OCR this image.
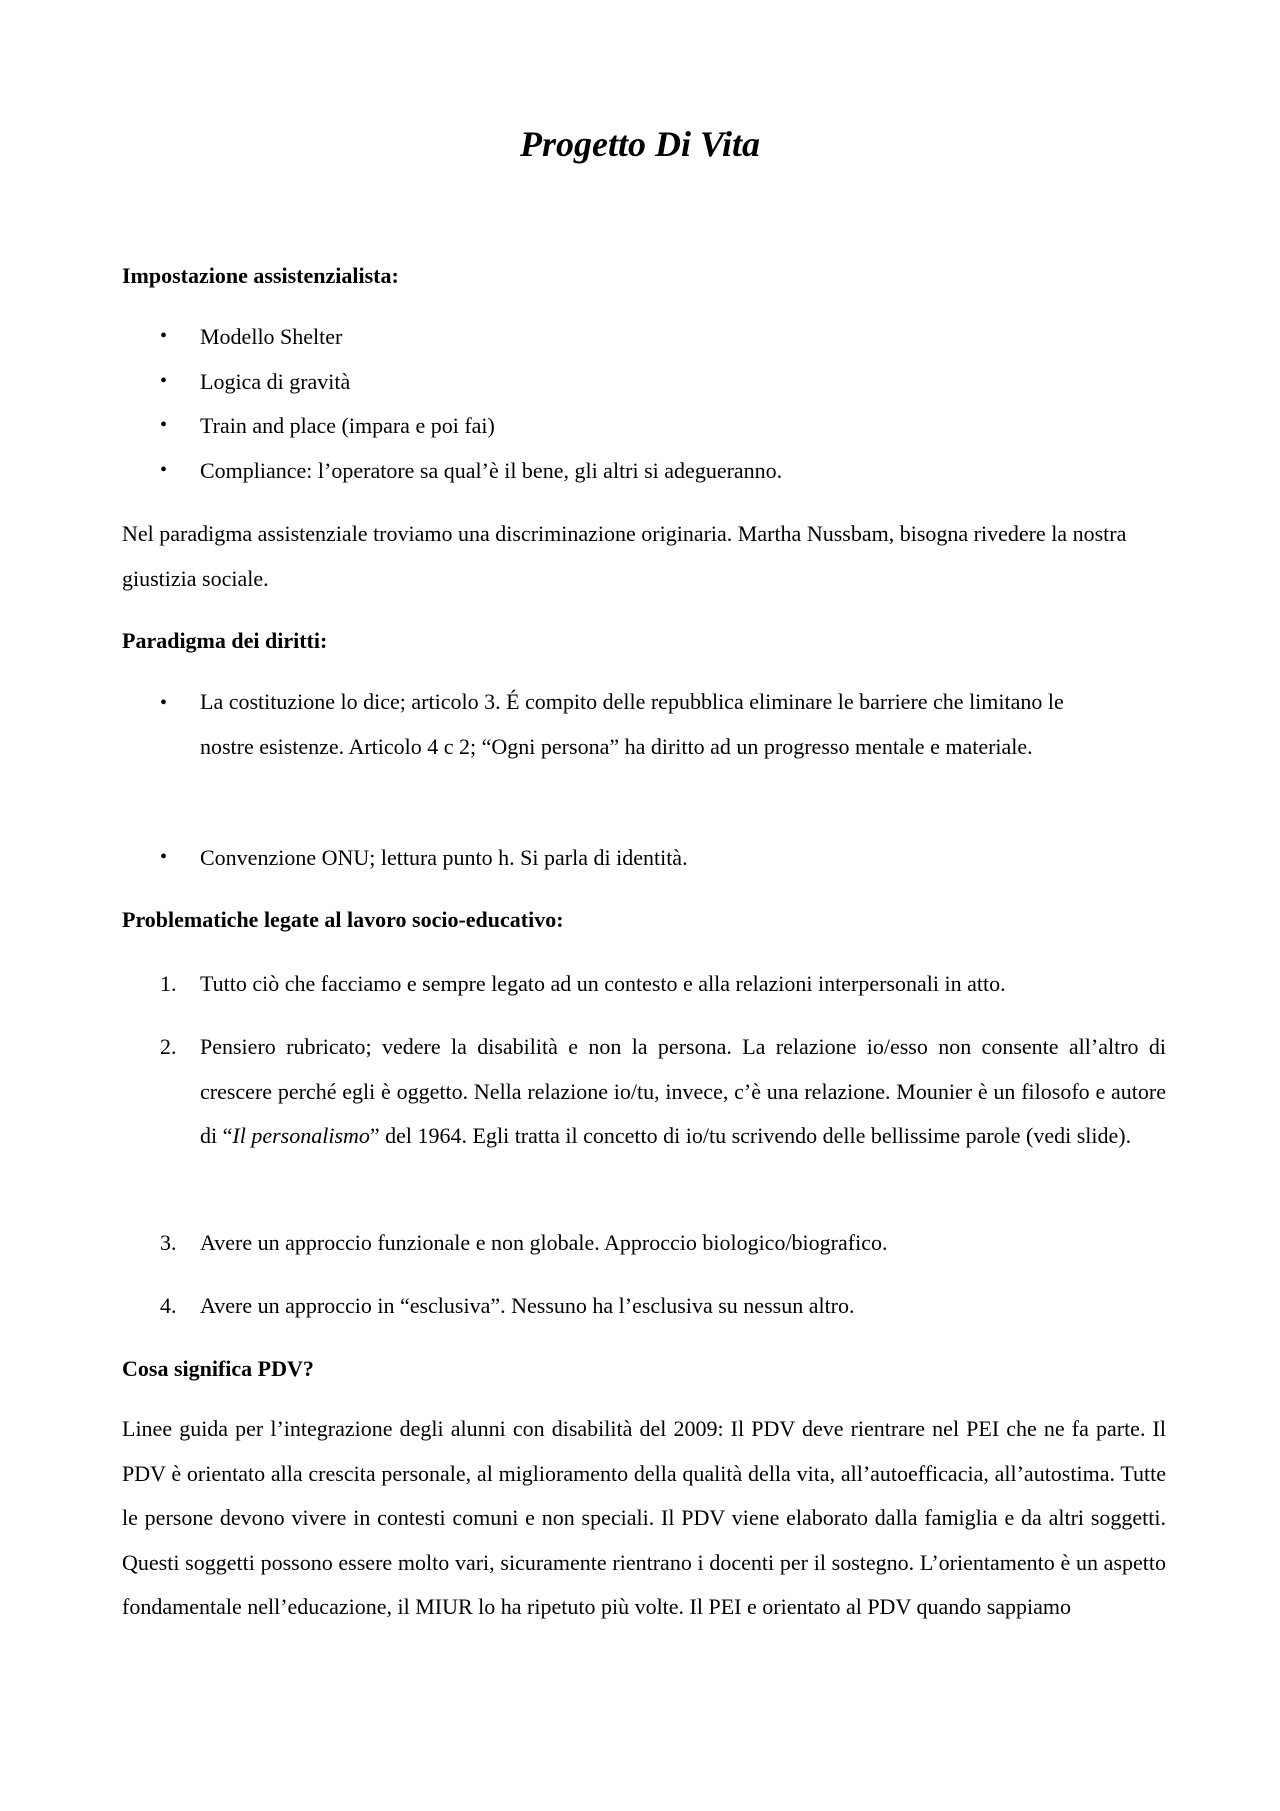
Progetto Di Vita
Impostazione assistenzialista:
• Modello Shelter
• Logica di gravità
• Train and place (impara e poi fai)
• Compliance: l’operatore sa qual’è il bene, gli altri si adegueranno.
Nel paradigma assistenziale troviamo una discriminazione originaria. Martha Nussbam, bisogna rivedere la nostra giustizia sociale.
Paradigma dei diritti:
• La costituzione lo dice; articolo 3. É compito delle repubblica eliminare le barriere che limitano le nostre esistenze. Articolo 4 c 2; “Ogni persona” ha diritto ad un progresso mentale e materiale.
• Convenzione ONU; lettura punto h. Si parla di identità.
Problematiche legate al lavoro socio-educativo:
1. Tutto ciò che facciamo e sempre legato ad un contesto e alla relazioni interpersonali in atto.
2. Pensiero rubricato; vedere la disabilità e non la persona. La relazione io/esso non consente all’altro di crescere perché egli è oggetto. Nella relazione io/tu, invece, c’è una relazione. Mounier è un filosofo e autore di “Il personalismo” del 1964. Egli tratta il concetto di io/tu scrivendo delle bellissime parole (vedi slide).
3. Avere un approccio funzionale e non globale. Approccio biologico/biografico.
4. Avere un approccio in “esclusiva”. Nessuno ha l’esclusiva su nessun altro.
Cosa significa PDV?
Linee guida per l’integrazione degli alunni con disabilità del 2009: Il PDV deve rientrare nel PEI che ne fa parte. Il PDV è orientato alla crescita personale, al miglioramento della qualità della vita, all’autoefficacia, all’autostima. Tutte le persone devono vivere in contesti comuni e non speciali. Il PDV viene elaborato dalla famiglia e da altri soggetti. Questi soggetti possono essere molto vari, sicuramente rientrano i docenti per il sostegno. L’orientamento è un aspetto fondamentale nell’educazione, il MIUR lo ha ripetuto più volte. Il PEI e orientato al PDV quando sappiamo
